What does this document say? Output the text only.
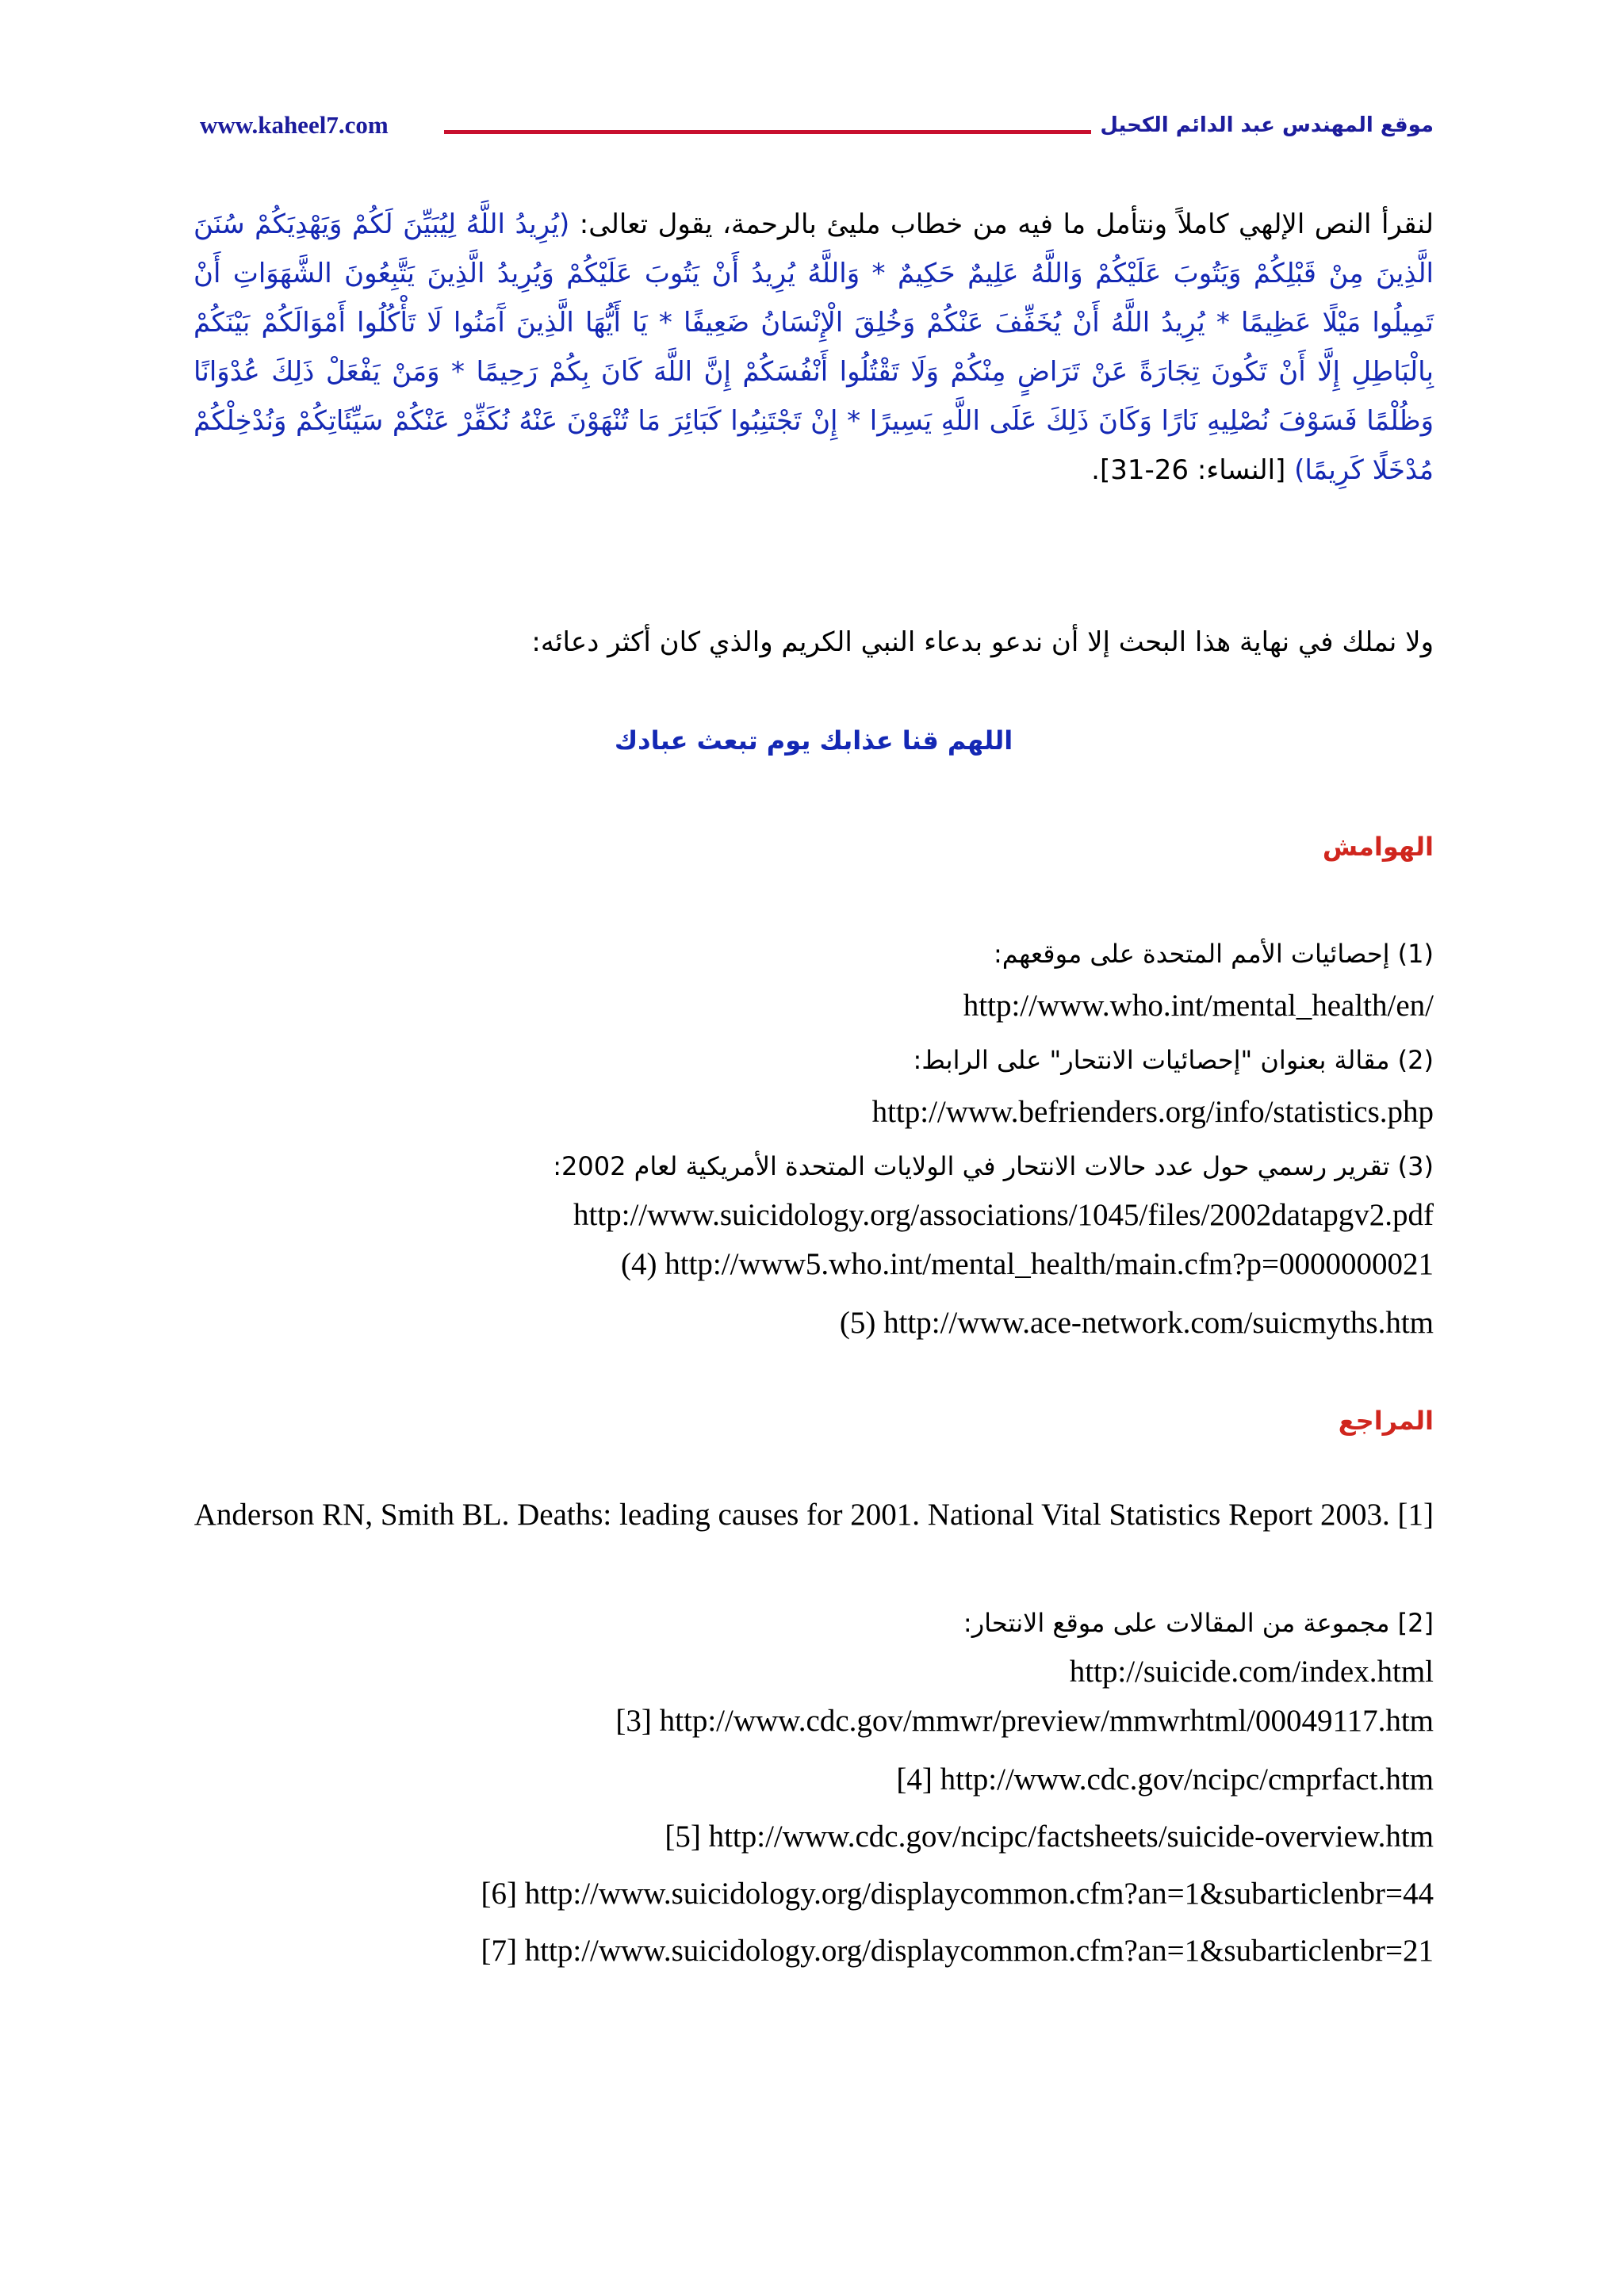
www.kaheel7.com	موقع المهندس عبد الدائم الكحيل
لنقرأ النص الإلهي كاملاً ونتأمل ما فيه من خطاب مليئ بالرحمة، يقول تعالى: (يُرِيدُ اللَّهُ لِيُبَيِّنَ لَكُمْ وَيَهْدِيَكُمْ سُنَنَ الَّذِينَ مِنْ قَبْلِكُمْ وَيَتُوبَ عَلَيْكُمْ وَاللَّهُ عَلِيمٌ حَكِيمٌ * وَاللَّهُ يُرِيدُ أَنْ يَتُوبَ عَلَيْكُمْ وَيُرِيدُ الَّذِينَ يَتَّبِعُونَ الشَّهَوَاتِ أَنْ تَمِيلُوا مَيْلًا عَظِيمًا * يُرِيدُ اللَّهُ أَنْ يُخَفِّفَ عَنْكُمْ وَخُلِقَ الْإِنْسَانُ ضَعِيفًا * يَا أَيُّهَا الَّذِينَ آَمَنُوا لَا تَأْكُلُوا أَمْوَالَكُمْ بَيْنَكُمْ بِالْبَاطِلِ إِلَّا أَنْ تَكُونَ تِجَارَةً عَنْ تَرَاضٍ مِنْكُمْ وَلَا تَقْتُلُوا أَنْفُسَكُمْ إِنَّ اللَّهَ كَانَ بِكُمْ رَحِيمًا * وَمَنْ يَفْعَلْ ذَلِكَ عُدْوَانًا وَظُلْمًا فَسَوْفَ نُصْلِيهِ نَارًا وَكَانَ ذَلِكَ عَلَى اللَّهِ يَسِيرًا * إِنْ تَجْتَنِبُوا كَبَائِرَ مَا تُنْهَوْنَ عَنْهُ نُكَفِّرْ عَنْكُمْ سَيِّئَاتِكُمْ وَنُدْخِلْكُمْ مُدْخَلًا كَرِيمًا) [النساء: 26-31].
ولا نملك في نهاية هذا البحث إلا أن ندعو بدعاء النبي الكريم والذي كان أكثر دعائه:
اللهم قنا عذابك يوم تبعث عبادك
الهوامش
(1) إحصائيات الأمم المتحدة على موقعهم:
http://www.who.int/mental_health/en/
(2) مقالة بعنوان "إحصائيات الانتحار" على الرابط:
http://www.befrienders.org/info/statistics.php
(3) تقرير رسمي حول عدد حالات الانتحار في الولايات المتحدة الأمريكية لعام 2002:
http://www.suicidology.org/associations/1045/files/2002datapgv2.pdf
http://www5.who.int/mental_health/main.cfm?p=0000000021 (4)
http://www.ace-network.com/suicmyths.htm (5)
المراجع
[1] Anderson RN, Smith BL. Deaths: leading causes for 2001. National Vital Statistics Report 2003.
[2] مجموعة من المقالات على موقع الانتحار:
http://suicide.com/index.html
http://www.cdc.gov/mmwr/preview/mmwrhtml/00049117.htm [3]
http://www.cdc.gov/ncipc/cmprfact.htm [4]
http://www.cdc.gov/ncipc/factsheets/suicide-overview.htm [5]
http://www.suicidology.org/displaycommon.cfm?an=1&subarticlenbr=44 [6]
http://www.suicidology.org/displaycommon.cfm?an=1&subarticlenbr=21 [7]
